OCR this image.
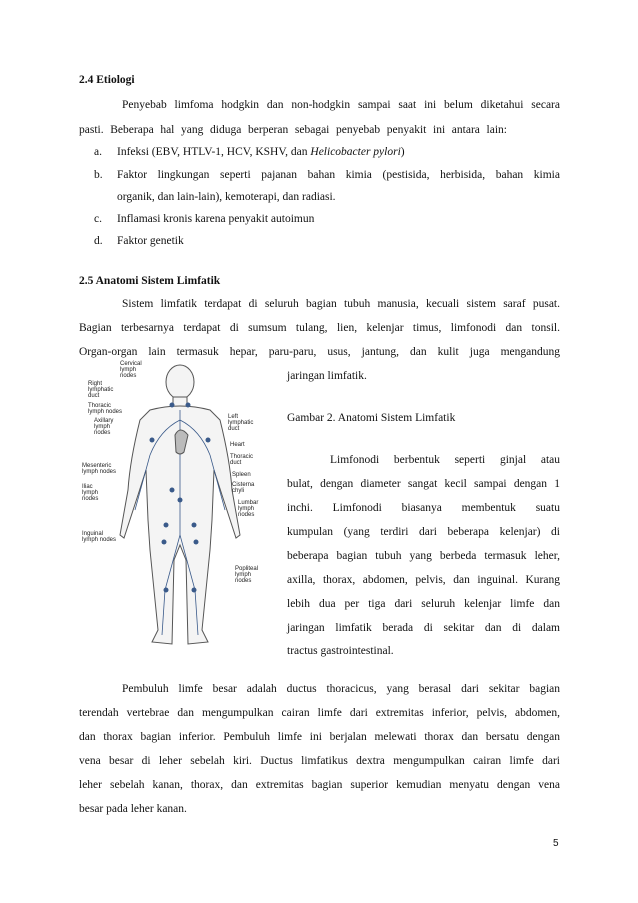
2.4 Etiologi
Penyebab limfoma hodgkin dan non-hodgkin sampai saat ini belum diketahui secara
pasti. Beberapa hal yang diduga berperan sebagai penyebab penyakit ini antara lain:
a. Infeksi (EBV, HTLV-1, HCV, KSHV, dan Helicobacter pylori)
b. Faktor lingkungan seperti pajanan bahan kimia (pestisida, herbisida, bahan kimia
organik, dan lain-lain), kemoterapi, dan radiasi.
c. Inflamasi kronis karena penyakit autoimun
d. Faktor genetik
2.5 Anatomi Sistem Limfatik
Sistem limfatik terdapat di seluruh bagian tubuh manusia, kecuali sistem saraf pusat.
Bagian terbesarnya terdapat di sumsum tulang, lien, kelenjar timus, limfonodi dan tonsil.
Organ-organ lain termasuk hepar, paru-paru, usus, jantung, dan kulit juga mengandung
jaringan limfatik.
Cervical
lymph
nodes
Right
lymphatic
duct
Thoracic
lymph nodes
Axillary
lymph
nodes
Mesenteric
lymph nodes
Iliac
lymph
nodes
Inguinal
lymph nodes
Left
lymphatic
duct
Heart
Thoracic
duct
Spleen
Cisterna
chyli
Lumbar
lymph
nodes
Popliteal
lymph
nodes
Gambar 2. Anatomi Sistem Limfatik
Limfonodi berbentuk seperti ginjal atau
bulat, dengan diameter sangat kecil sampai dengan 1
inchi. Limfonodi biasanya membentuk suatu
kumpulan (yang terdiri dari beberapa kelenjar) di
beberapa bagian tubuh yang berbeda termasuk leher,
axilla, thorax, abdomen, pelvis, dan inguinal. Kurang
lebih dua per tiga dari seluruh kelenjar limfe dan
jaringan limfatik berada di sekitar dan di dalam
tractus gastrointestinal.
Pembuluh limfe besar adalah ductus thoracicus, yang berasal dari sekitar bagian
terendah vertebrae dan mengumpulkan cairan limfe dari extremitas inferior, pelvis, abdomen,
dan thorax bagian inferior. Pembuluh limfe ini berjalan melewati thorax dan bersatu dengan
vena besar di leher sebelah kiri. Ductus limfatikus dextra mengumpulkan cairan limfe dari
leher sebelah kanan, thorax, dan extremitas bagian superior kemudian menyatu dengan vena
besar pada leher kanan.
5
